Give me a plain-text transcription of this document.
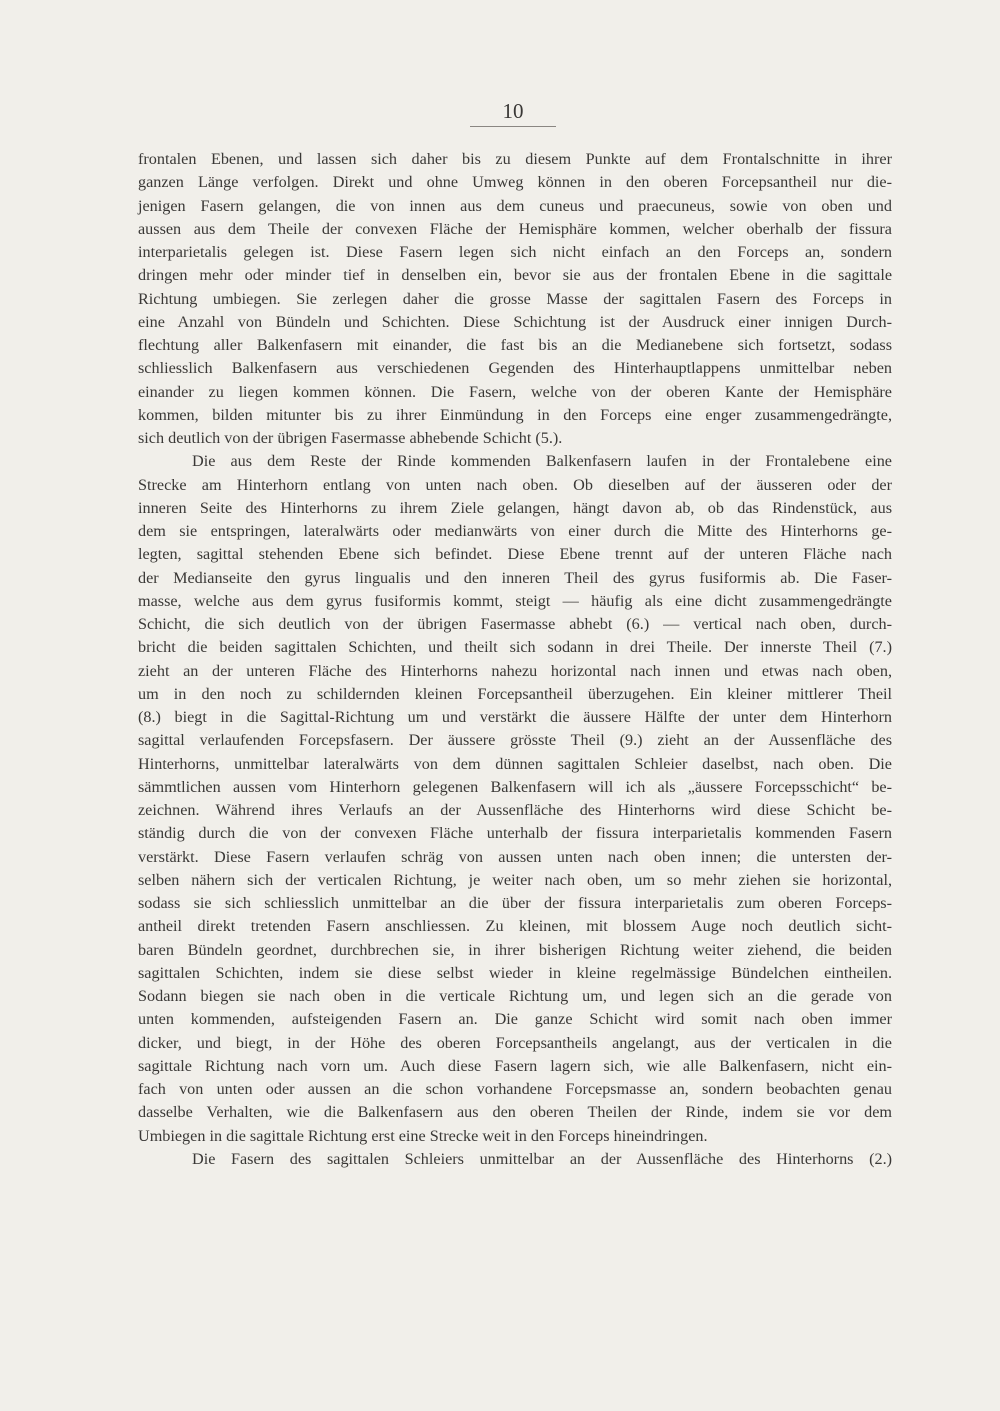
10
frontalen Ebenen, und lassen sich daher bis zu diesem Punkte auf dem Frontalschnitte in ihrer
ganzen Länge verfolgen. Direkt und ohne Umweg können in den oberen Forcepsantheil nur die-
jenigen Fasern gelangen, die von innen aus dem cuneus und praecuneus, sowie von oben und
aussen aus dem Theile der convexen Fläche der Hemisphäre kommen, welcher oberhalb der fissura
interparietalis gelegen ist. Diese Fasern legen sich nicht einfach an den Forceps an, sondern
dringen mehr oder minder tief in denselben ein, bevor sie aus der frontalen Ebene in die sagittale
Richtung umbiegen. Sie zerlegen daher die grosse Masse der sagittalen Fasern des Forceps in
eine Anzahl von Bündeln und Schichten. Diese Schichtung ist der Ausdruck einer innigen Durch-
flechtung aller Balkenfasern mit einander, die fast bis an die Medianebene sich fortsetzt, sodass
schliesslich Balkenfasern aus verschiedenen Gegenden des Hinterhauptlappens unmittelbar neben
einander zu liegen kommen können. Die Fasern, welche von der oberen Kante der Hemisphäre
kommen, bilden mitunter bis zu ihrer Einmündung in den Forceps eine enger zusammengedrängte,
sich deutlich von der übrigen Fasermasse abhebende Schicht (5.).
Die aus dem Reste der Rinde kommenden Balkenfasern laufen in der Frontalebene eine
Strecke am Hinterhorn entlang von unten nach oben. Ob dieselben auf der äusseren oder der
inneren Seite des Hinterhorns zu ihrem Ziele gelangen, hängt davon ab, ob das Rindenstück, aus
dem sie entspringen, lateralwärts oder medianwärts von einer durch die Mitte des Hinterhorns ge-
legten, sagittal stehenden Ebene sich befindet. Diese Ebene trennt auf der unteren Fläche nach
der Medianseite den gyrus lingualis und den inneren Theil des gyrus fusiformis ab. Die Faser-
masse, welche aus dem gyrus fusiformis kommt, steigt — häufig als eine dicht zusammengedrängte
Schicht, die sich deutlich von der übrigen Fasermasse abhebt (6.) — vertical nach oben, durch-
bricht die beiden sagittalen Schichten, und theilt sich sodann in drei Theile. Der innerste Theil (7.)
zieht an der unteren Fläche des Hinterhorns nahezu horizontal nach innen und etwas nach oben,
um in den noch zu schildernden kleinen Forcepsantheil überzugehen. Ein kleiner mittlerer Theil
(8.) biegt in die Sagittal-Richtung um und verstärkt die äussere Hälfte der unter dem Hinterhorn
sagittal verlaufenden Forcepsfasern. Der äussere grösste Theil (9.) zieht an der Aussenfläche des
Hinterhorns, unmittelbar lateralwärts von dem dünnen sagittalen Schleier daselbst, nach oben. Die
sämmtlichen aussen vom Hinterhorn gelegenen Balkenfasern will ich als „äussere Forcepsschicht“ be-
zeichnen. Während ihres Verlaufs an der Aussenfläche des Hinterhorns wird diese Schicht be-
ständig durch die von der convexen Fläche unterhalb der fissura interparietalis kommenden Fasern
verstärkt. Diese Fasern verlaufen schräg von aussen unten nach oben innen; die untersten der-
selben nähern sich der verticalen Richtung, je weiter nach oben, um so mehr ziehen sie horizontal,
sodass sie sich schliesslich unmittelbar an die über der fissura interparietalis zum oberen Forceps-
antheil direkt tretenden Fasern anschliessen. Zu kleinen, mit blossem Auge noch deutlich sicht-
baren Bündeln geordnet, durchbrechen sie, in ihrer bisherigen Richtung weiter ziehend, die beiden
sagittalen Schichten, indem sie diese selbst wieder in kleine regelmässige Bündelchen eintheilen.
Sodann biegen sie nach oben in die verticale Richtung um, und legen sich an die gerade von
unten kommenden, aufsteigenden Fasern an. Die ganze Schicht wird somit nach oben immer
dicker, und biegt, in der Höhe des oberen Forcepsantheils angelangt, aus der verticalen in die
sagittale Richtung nach vorn um. Auch diese Fasern lagern sich, wie alle Balkenfasern, nicht ein-
fach von unten oder aussen an die schon vorhandene Forcepsmasse an, sondern beobachten genau
dasselbe Verhalten, wie die Balkenfasern aus den oberen Theilen der Rinde, indem sie vor dem
Umbiegen in die sagittale Richtung erst eine Strecke weit in den Forceps hineindringen.
Die Fasern des sagittalen Schleiers unmittelbar an der Aussenfläche des Hinterhorns (2.)
